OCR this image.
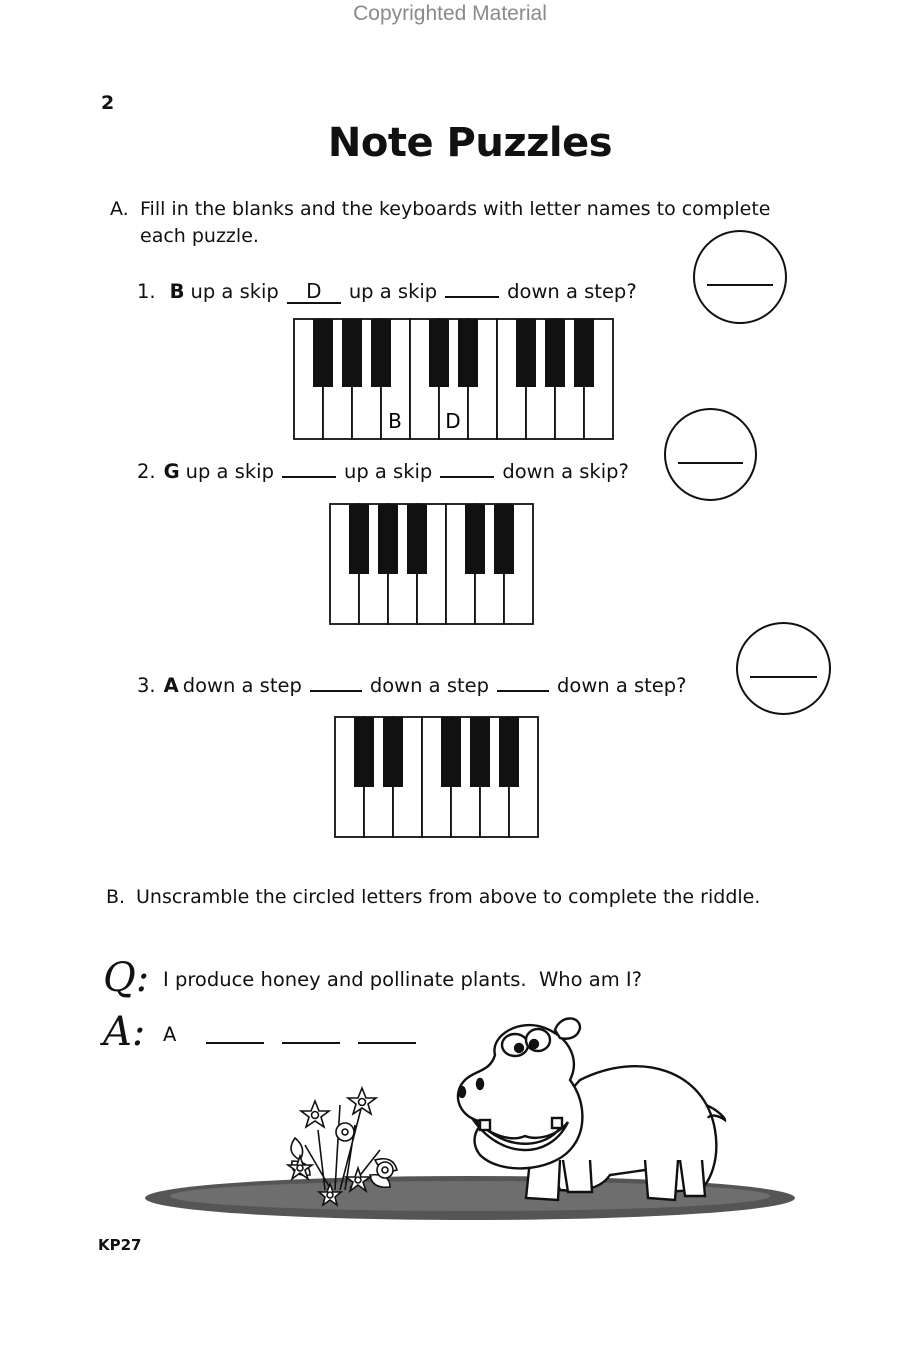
Copyrighted Material
2
Note Puzzles
A. Fill in the blanks and the keyboards with letter names to complete each puzzle.
1. B up a skip	D	up a skip	down a step?
B D
2. G up a skip	up a skip	down a skip?
3. A down a step	down a step	down a step?
B. Unscramble the circled letters from above to complete the riddle.
Q: I produce honey and pollinate plants.  Who am I?
A: A
KP27
